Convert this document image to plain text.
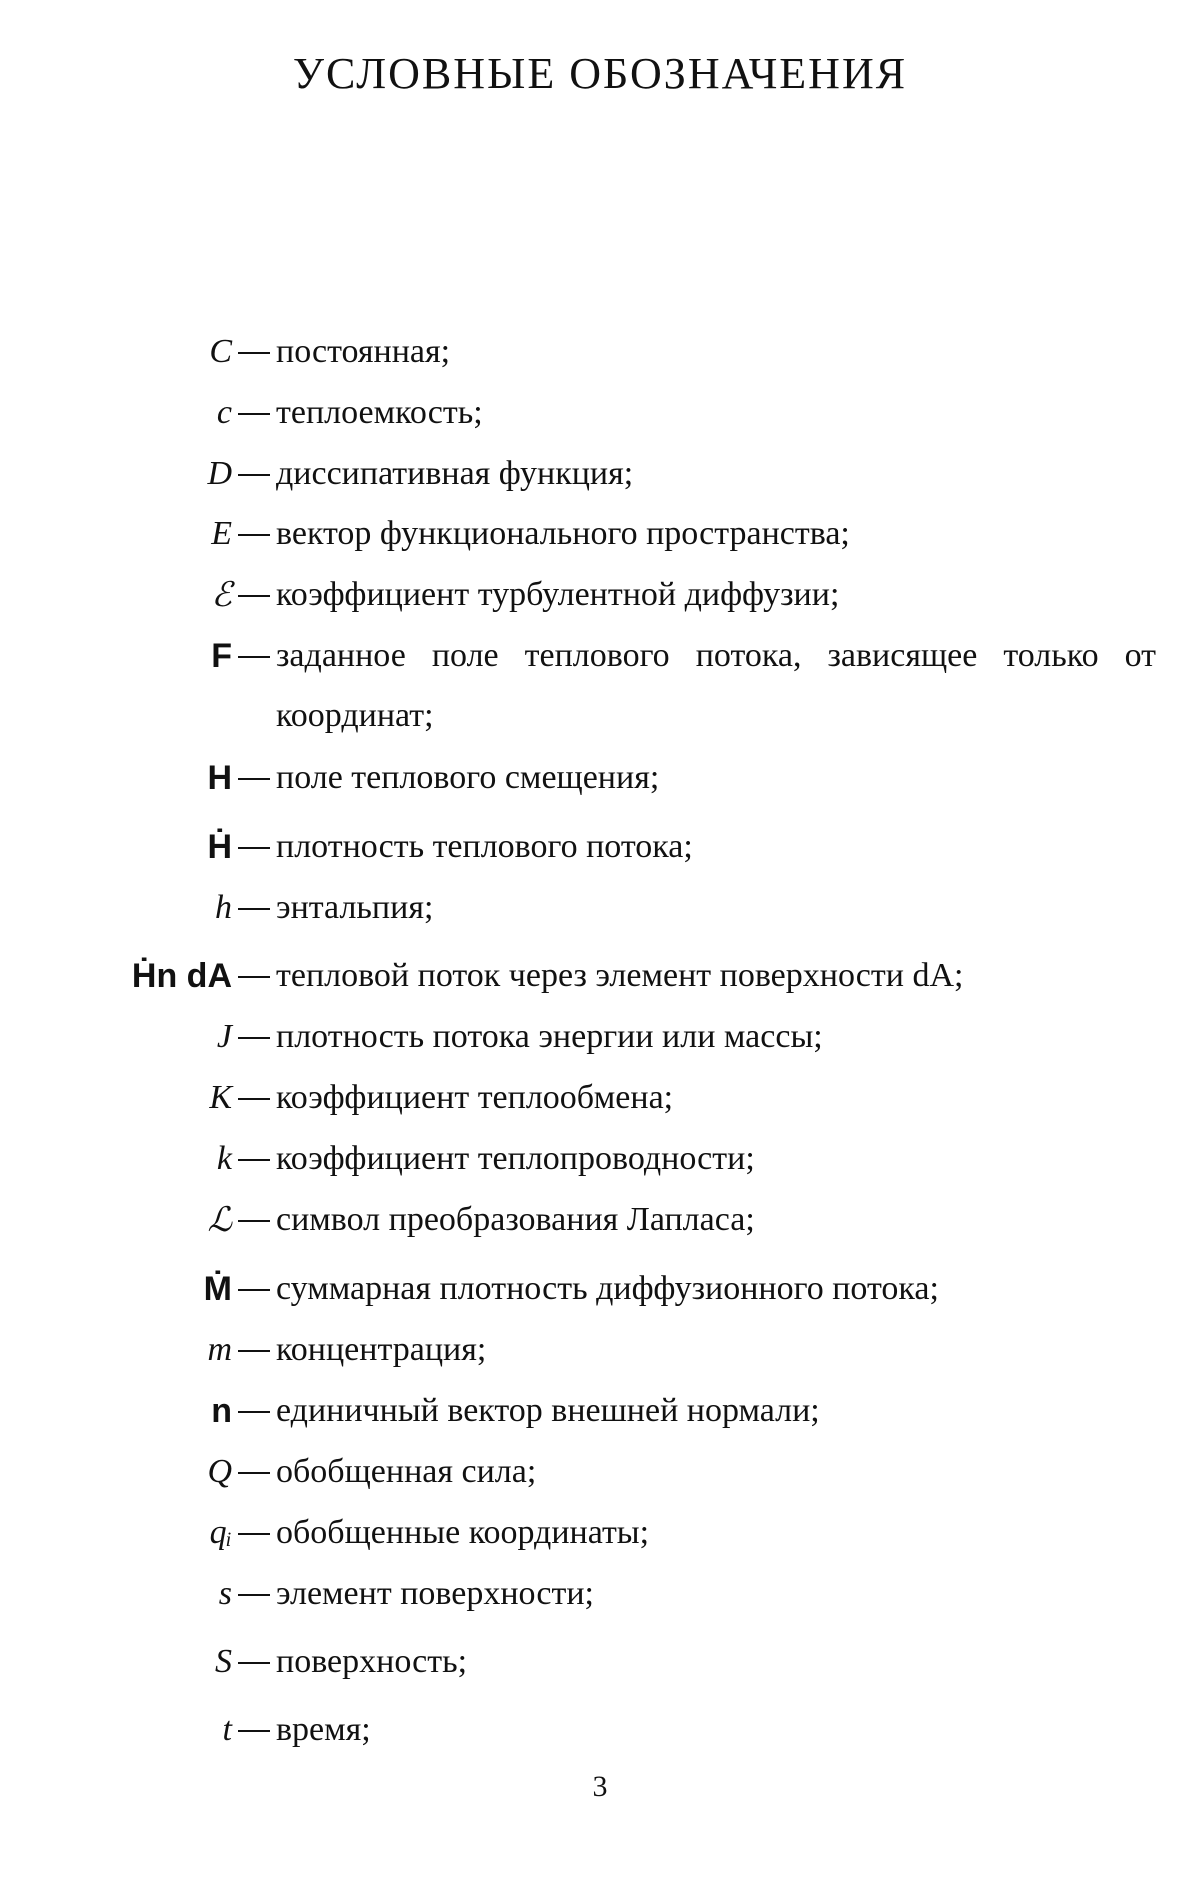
УСЛОВНЫЕ ОБОЗНАЧЕНИЯ
C постоянная;
c теплоемкость;
D диссипативная функция;
E вектор функционального пространства;
ℰ коэффициент турбулентной диффузии;
F заданное поле теплового потока, зависящее только от координат;
H поле теплового смещения;
Ḣ плотность теплового потока;
h энтальпия;
Ḣn dA тепловой поток через элемент поверхности dA;
J плотность потока энергии или массы;
K коэффициент теплообмена;
k коэффициент теплопроводности;
ℒ символ преобразования Лапласа;
Ṁ суммарная плотность диффузионного потока;
m концентрация;
n единичный вектор внешней нормали;
Q обобщенная сила;
qᵢ обобщенные координаты;
s элемент поверхности;
S поверхность;
t время;
3
